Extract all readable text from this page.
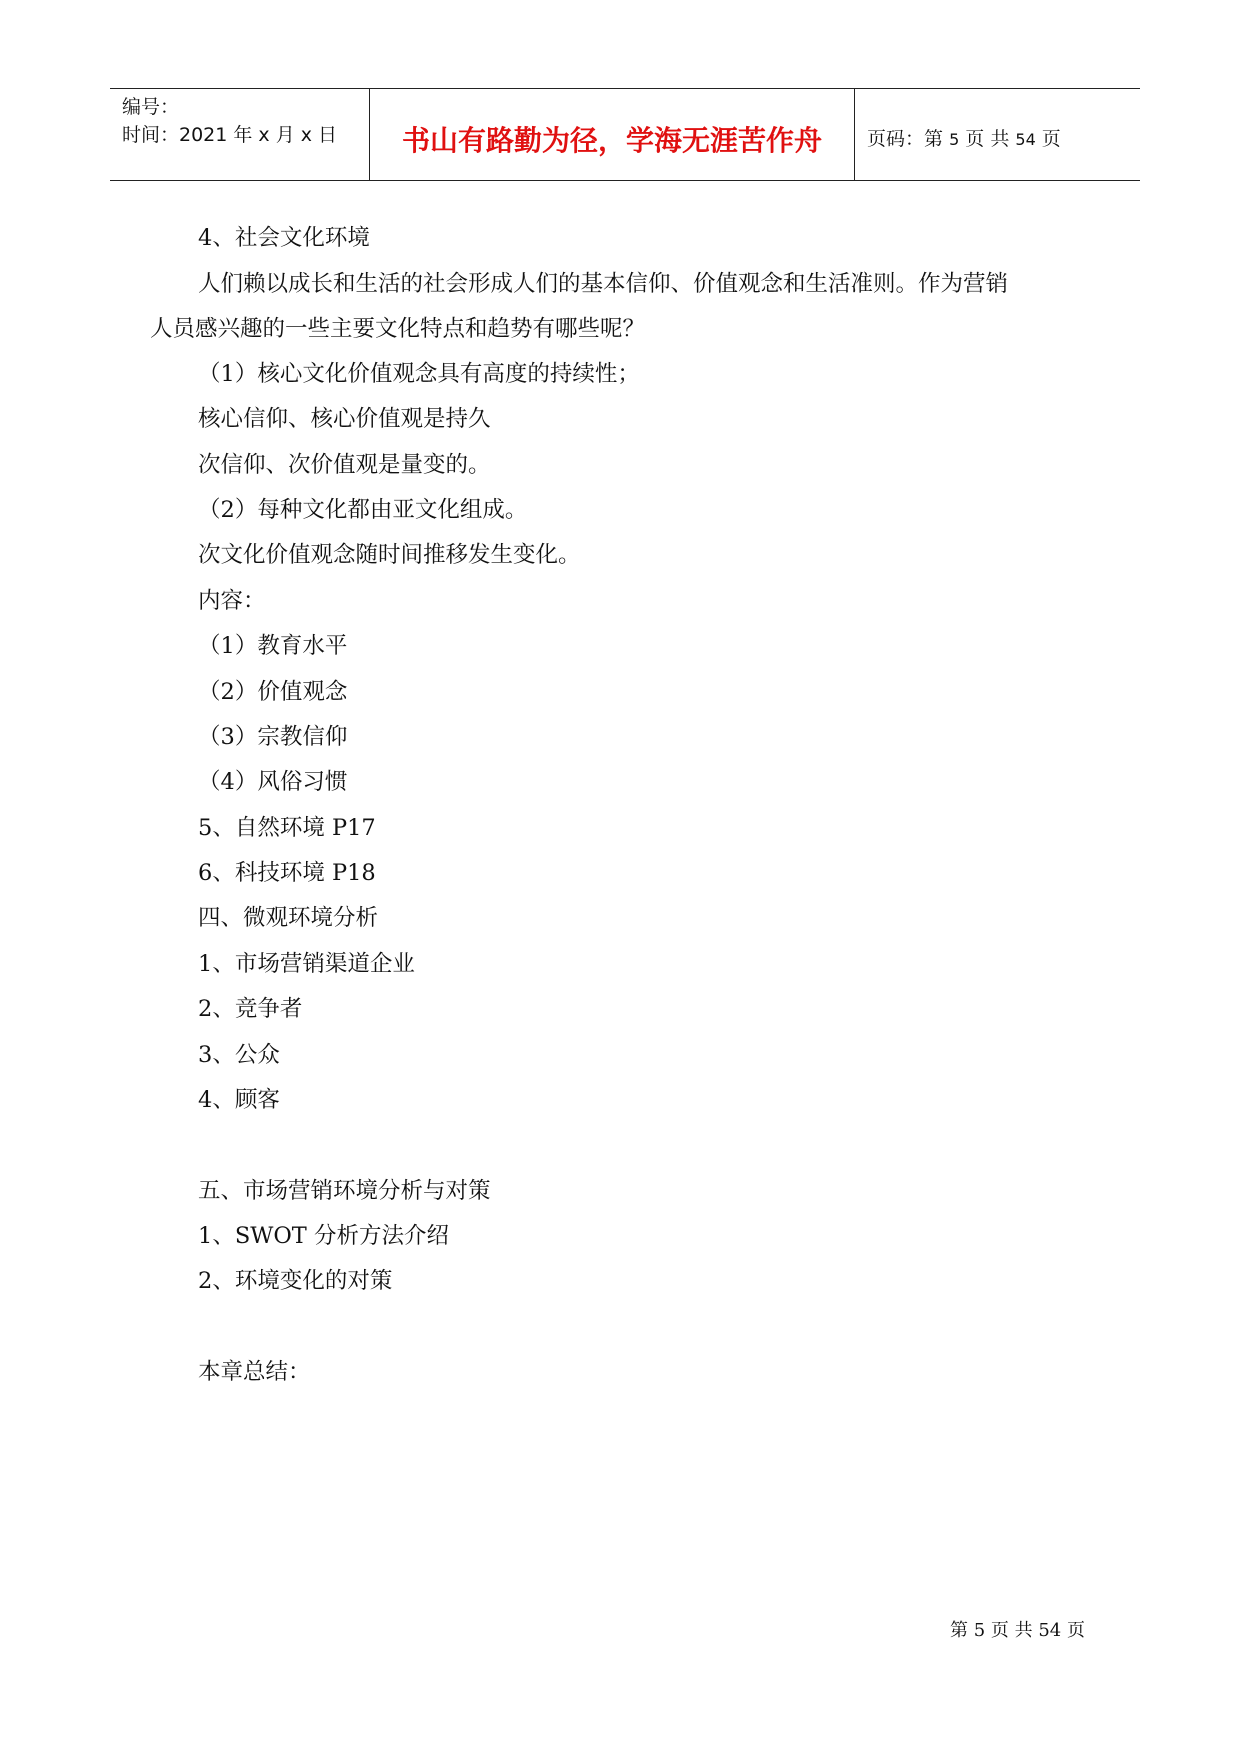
编号：
时间：2021 年 x 月 x 日	书山有路勤为径，学海无涯苦作舟	页码：第 5 页 共 54 页
4、社会文化环境
人们赖以成长和生活的社会形成人们的基本信仰、价值观念和生活准则。作为营销
人员感兴趣的一些主要文化特点和趋势有哪些呢？
（1）核心文化价值观念具有高度的持续性；
核心信仰、核心价值观是持久
次信仰、次价值观是量变的。
（2）每种文化都由亚文化组成。
次文化价值观念随时间推移发生变化。
内容：
（1）教育水平
（2）价值观念
（3）宗教信仰
（4）风俗习惯
5、自然环境 P17
6、科技环境 P18
四、微观环境分析
1、市场营销渠道企业
2、竞争者
3、公众
4、顾客
五、市场营销环境分析与对策
1、SWOT 分析方法介绍
2、环境变化的对策
本章总结：
第 5 页 共 54 页
